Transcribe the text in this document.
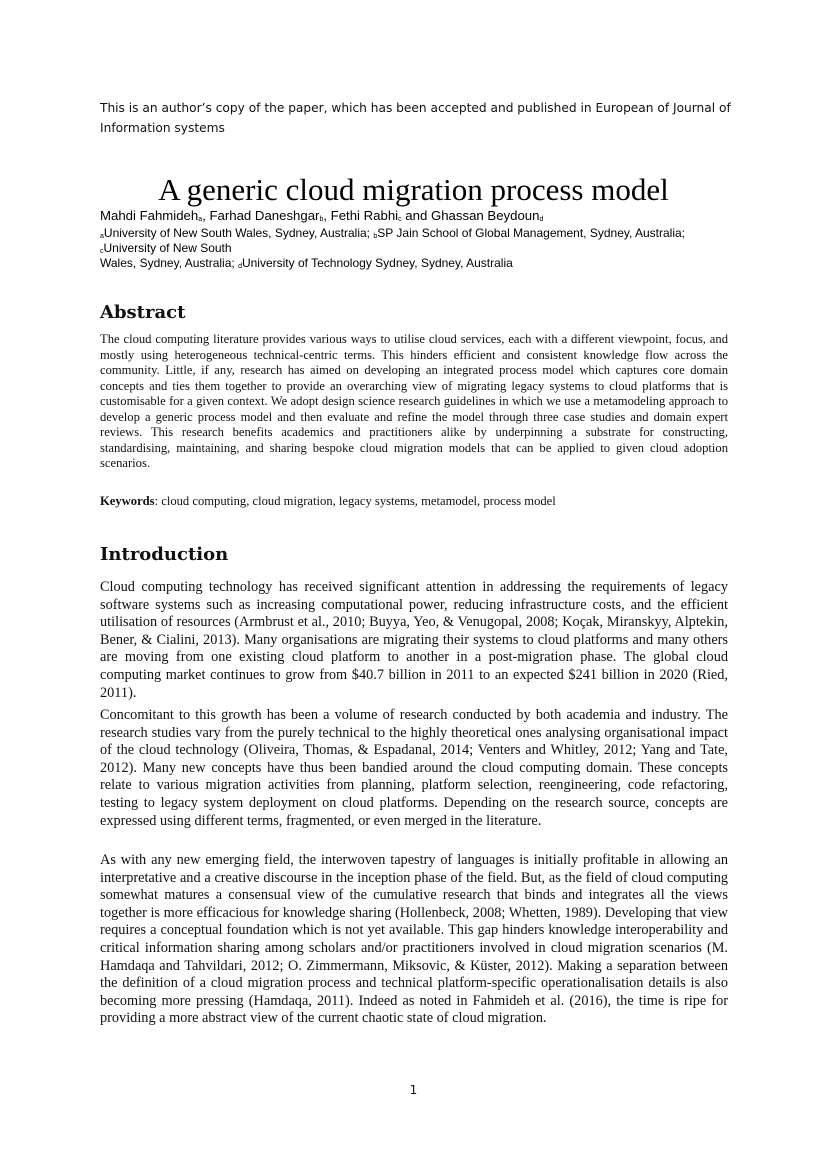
This is an author’s copy of the paper, which has been accepted and published in European of Journal of Information systems
A generic cloud migration process model
Mahdi Fahmideh$_a$, Farhad Daneshgar$_b$, Fethi Rabhi$_c$ and Ghassan Beydoun$_d$
$_a$University of New South Wales, Sydney, Australia; $_b$SP Jain School of Global Management, Sydney, Australia;
$_c$University of New South
Wales, Sydney, Australia; $_d$University of Technology Sydney, Sydney, Australia
Abstract

The cloud computing literature provides various ways to utilise cloud services, each with a different viewpoint, focus, and mostly using heterogeneous technical-centric terms. This hinders efficient and consistent knowledge flow across the community. Little, if any, research has aimed on developing an integrated process model which captures core domain concepts and ties them together to provide an overarching view of migrating legacy systems to cloud platforms that is customisable for a given context. We adopt design science research guidelines in which we use a metamodeling approach to develop a generic process model and then evaluate and refine the model through three case studies and domain expert reviews. This research benefits academics and practitioners alike by underpinning a substrate for constructing, standardising, maintaining, and sharing bespoke cloud migration models that can be applied to given cloud adoption scenarios.

Keywords: cloud computing, cloud migration, legacy systems, metamodel, process model

Introduction

Cloud computing technology has received significant attention in addressing the requirements of legacy software systems such as increasing computational power, reducing infrastructure costs, and the efficient utilisation of resources (Armbrust et al., 2010; Buyya, Yeo, & Venugopal, 2008; Koçak, Miranskyy, Alptekin, Bener, & Cialini, 2013). Many organisations are migrating their systems to cloud platforms and many others are moving from one existing cloud platform to another in a post-migration phase. The global cloud computing market continues to grow from $40.7 billion in 2011 to an expected $241 billion in 2020 (Ried, 2011).

Concomitant to this growth has been a volume of research conducted by both academia and industry. The research studies vary from the purely technical to the highly theoretical ones analysing organisational impact of the cloud technology (Oliveira, Thomas, & Espadanal, 2014; Venters and Whitley, 2012; Yang and Tate, 2012). Many new concepts have thus been bandied around the cloud computing domain. These concepts relate to various migration activities from planning, platform selection, reengineering, code refactoring, testing to legacy system deployment on cloud platforms. Depending on the research source, concepts are expressed using different terms, fragmented, or even merged in the literature.

As with any new emerging field, the interwoven tapestry of languages is initially profitable in allowing an interpretative and a creative discourse in the inception phase of the field. But, as the field of cloud computing somewhat matures a consensual view of the cumulative research that binds and integrates all the views together is more efficacious for knowledge sharing (Hollenbeck, 2008; Whetten, 1989). Developing that view requires a conceptual foundation which is not yet available. This gap hinders knowledge interoperability and critical information sharing among scholars and/or practitioners involved in cloud migration scenarios (M. Hamdaqa and Tahvildari, 2012; O. Zimmermann, Miksovic, & Küster, 2012). Making a separation between the definition of a cloud migration process and technical platform-specific operationalisation details is also becoming more pressing (Hamdaqa, 2011). Indeed as noted in Fahmideh et al. (2016), the time is ripe for providing a more abstract view of the current chaotic state of cloud migration.

1
